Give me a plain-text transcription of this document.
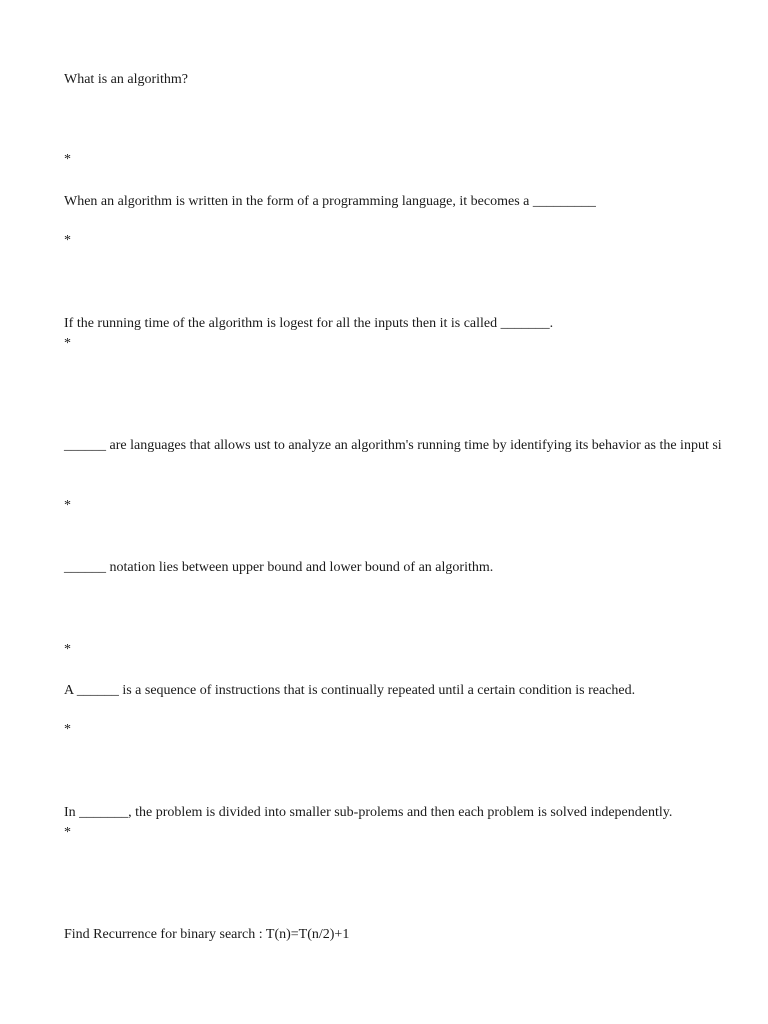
What is an algorithm?
*
When an algorithm is written in the form of a programming language, it becomes a _________
*
If the running time of the algorithm is logest for all the inputs then it is called _______.
*
______ are languages that allows ust to analyze an algorithm's running time by identifying its behavior as the input si
*
______ notation lies between upper bound and lower bound of an algorithm.
*
A ______ is a sequence of instructions that is continually repeated until a certain condition is reached.
*
In _______, the problem is divided into smaller sub-prolems and then each problem is solved independently.
*
Find Recurrence for binary search : T(n)=T(n/2)+1
